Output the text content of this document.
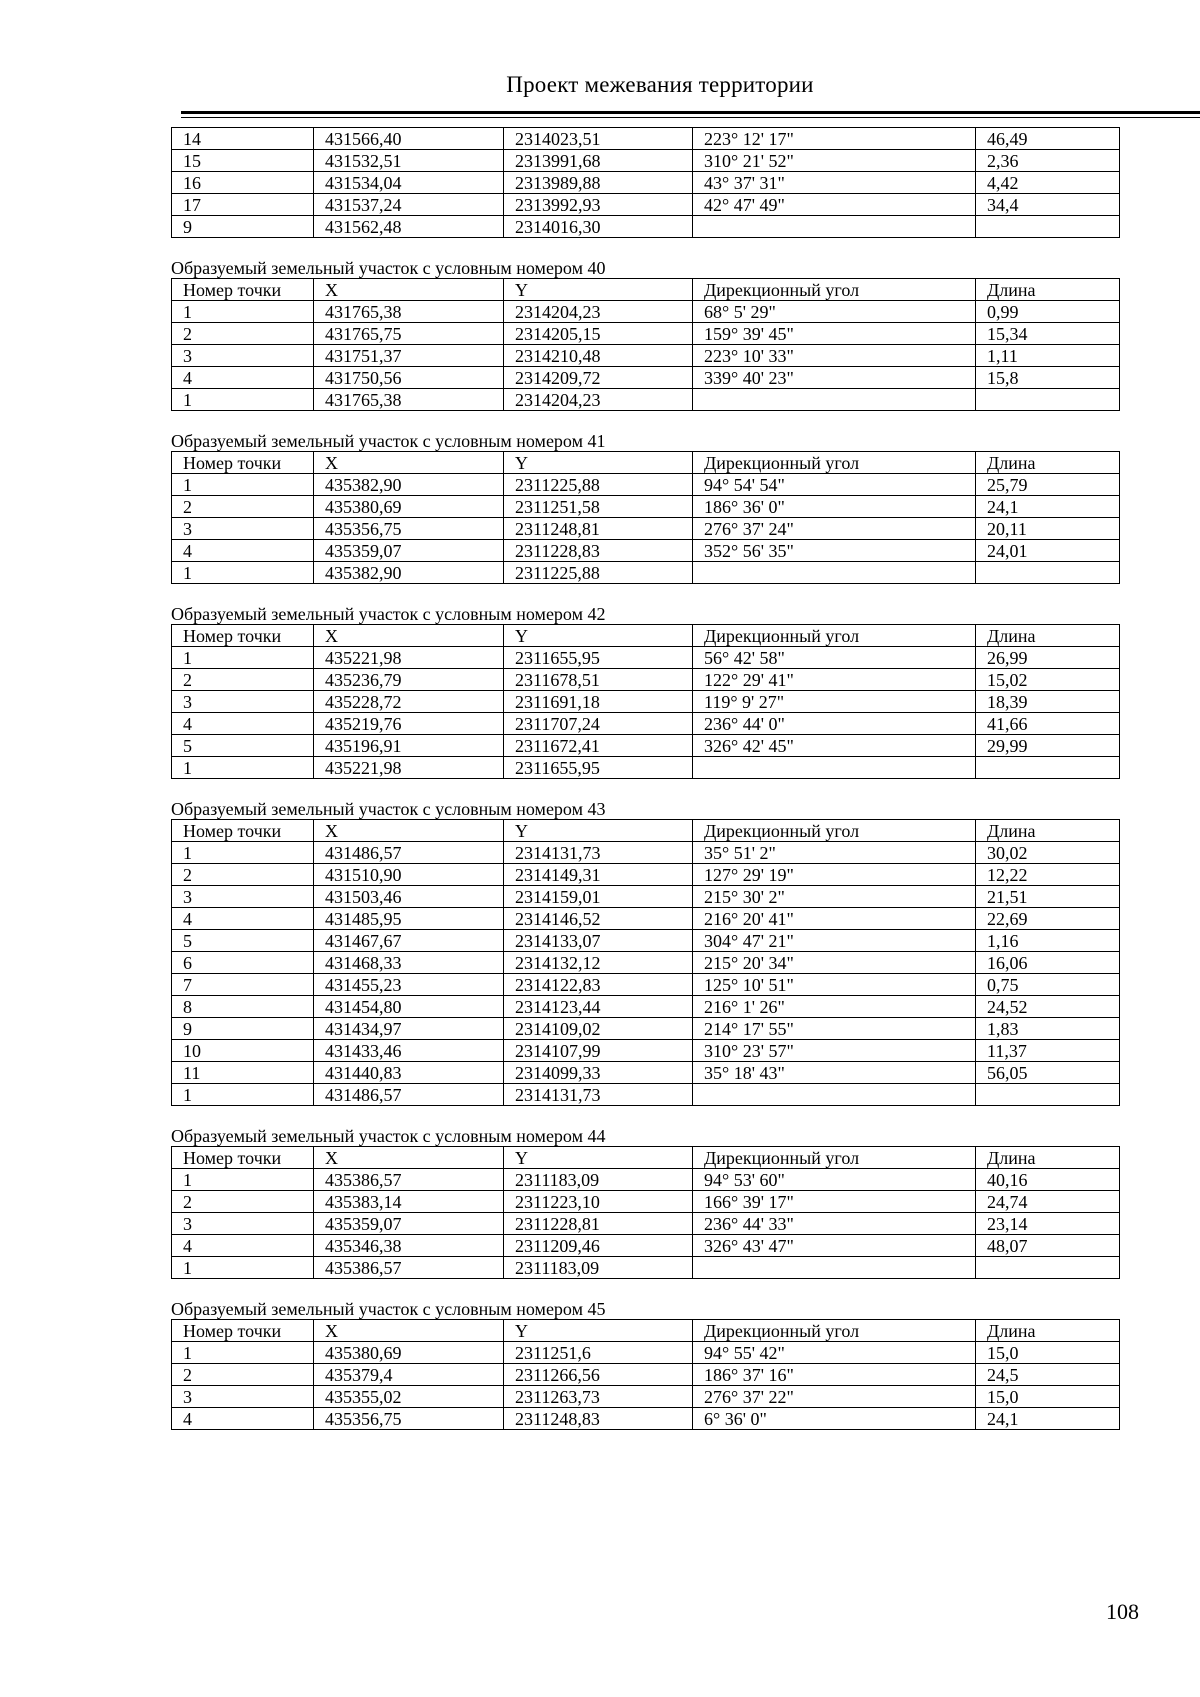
Проект межевания территории
14	431566,40	2314023,51	223° 12' 17"	46,49
15	431532,51	2313991,68	310° 21' 52"	2,36
16	431534,04	2313989,88	43° 37' 31"	4,42
17	431537,24	2313992,93	42° 47' 49"	34,4
9	431562,48	2314016,30		
Образуемый земельный участок с условным номером 40
Номер точки	X	Y	Дирекционный угол	Длина
1	431765,38	2314204,23	68° 5' 29"	0,99
2	431765,75	2314205,15	159° 39' 45"	15,34
3	431751,37	2314210,48	223° 10' 33"	1,11
4	431750,56	2314209,72	339° 40' 23"	15,8
1	431765,38	2314204,23		
Образуемый земельный участок с условным номером 41
Номер точки	X	Y	Дирекционный угол	Длина
1	435382,90	2311225,88	94° 54' 54"	25,79
2	435380,69	2311251,58	186° 36' 0"	24,1
3	435356,75	2311248,81	276° 37' 24"	20,11
4	435359,07	2311228,83	352° 56' 35"	24,01
1	435382,90	2311225,88		
Образуемый земельный участок с условным номером 42
Номер точки	X	Y	Дирекционный угол	Длина
1	435221,98	2311655,95	56° 42' 58"	26,99
2	435236,79	2311678,51	122° 29' 41"	15,02
3	435228,72	2311691,18	119° 9' 27"	18,39
4	435219,76	2311707,24	236° 44' 0"	41,66
5	435196,91	2311672,41	326° 42' 45"	29,99
1	435221,98	2311655,95		
Образуемый земельный участок с условным номером 43
Номер точки	X	Y	Дирекционный угол	Длина
1	431486,57	2314131,73	35° 51' 2"	30,02
2	431510,90	2314149,31	127° 29' 19"	12,22
3	431503,46	2314159,01	215° 30' 2"	21,51
4	431485,95	2314146,52	216° 20' 41"	22,69
5	431467,67	2314133,07	304° 47' 21"	1,16
6	431468,33	2314132,12	215° 20' 34"	16,06
7	431455,23	2314122,83	125° 10' 51"	0,75
8	431454,80	2314123,44	216° 1' 26"	24,52
9	431434,97	2314109,02	214° 17' 55"	1,83
10	431433,46	2314107,99	310° 23' 57"	11,37
11	431440,83	2314099,33	35° 18' 43"	56,05
1	431486,57	2314131,73		
Образуемый земельный участок с условным номером 44
Номер точки	X	Y	Дирекционный угол	Длина
1	435386,57	2311183,09	94° 53' 60"	40,16
2	435383,14	2311223,10	166° 39' 17"	24,74
3	435359,07	2311228,81	236° 44' 33"	23,14
4	435346,38	2311209,46	326° 43' 47"	48,07
1	435386,57	2311183,09		
Образуемый земельный участок с условным номером 45
Номер точки	X	Y	Дирекционный угол	Длина
1	435380,69	2311251,6	94° 55' 42"	15,0
2	435379,4	2311266,56	186° 37' 16"	24,5
3	435355,02	2311263,73	276° 37' 22"	15,0
4	435356,75	2311248,83	6° 36' 0"	24,1
108
